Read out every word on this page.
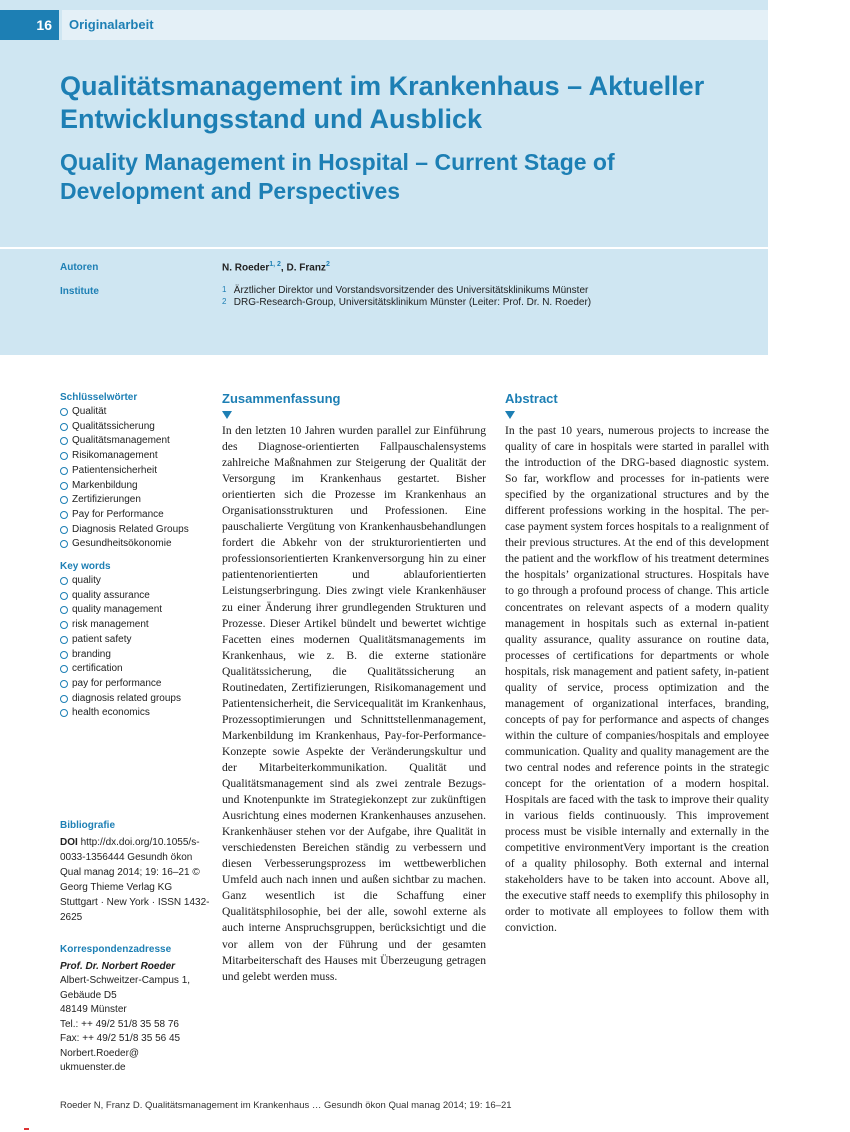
16	Originalarbeit
Qualitätsmanagement im Krankenhaus – Aktueller Entwicklungsstand und Ausblick
Quality Management in Hospital – Current Stage of Development and Perspectives
Autoren	N. Roeder$^{1, 2}$, D. Franz$^2$
Institute	1 Ärztlicher Direktor und Vorstandsvorsitzender des Universitätsklinikums Münster
2 DRG-Research-Group, Universitätsklinikum Münster (Leiter: Prof. Dr. N. Roeder)
Schlüsselwörter
Qualität
Qualitätssicherung
Qualitätsmanagement
Risikomanagement
Patientensicherheit
Markenbildung
Zertifizierungen
Pay for Performance
Diagnosis Related Groups
Gesundheitsökonomie
Key words
quality
quality assurance
quality management
risk management
patient safety
branding
certification
pay for performance
diagnosis related groups
health economics
Bibliografie
DOI http://dx.doi.org/10.1055/s-0033-1356444 Gesundh ökon Qual manag 2014; 19: 16–21 © Georg Thieme Verlag KG Stuttgart · New York · ISSN 1432-2625
Korrespondenzadresse
Prof. Dr. Norbert Roeder
Albert-Schweitzer-Campus 1,
Gebäude D5
48149 Münster
Tel.: ++ 49/2 51/8 35 58 76
Fax: ++ 49/2 51/8 35 56 45
Norbert.Roeder@
ukmuenster.de
Zusammenfassung

In den letzten 10 Jahren wurden parallel zur Einführung des Diagnose-orientierten Fallpauschalensystems zahlreiche Maßnahmen zur Steigerung der Qualität der Versorgung im Krankenhaus gestartet. Bisher orientierten sich die Prozesse im Krankenhaus an Organisationsstrukturen und Professionen. Eine pauschalierte Vergütung von Krankenhausbehandlungen fordert die Abkehr von der strukturorientierten und professionsorientierten Krankenversorgung hin zu einer patientenorientierten und ablauforientierten Leistungserbringung. Dies zwingt viele Krankenhäuser zu einer Änderung ihrer grundlegenden Strukturen und Prozesse. Dieser Artikel bündelt und bewertet wichtige Facetten eines modernen Qualitätsmanagements im Krankenhaus, wie z. B. die externe stationäre Qualitätssicherung, die Qualitätssicherung an Routinedaten, Zertifizierungen, Risikomanagement und Patientensicherheit, die Servicequalität im Krankenhaus, Prozessoptimierungen und Schnittstellenmanagement, Markenbildung im Krankenhaus, Pay-for-Performance-Konzepte sowie Aspekte der Veränderungskultur und der Mitarbeiterkommunikation. Qualität und Qualitätsmanagement sind als zwei zentrale Bezugs- und Knotenpunkte im Strategiekonzept zur zukünftigen Ausrichtung eines modernen Krankenhauses anzusehen. Krankenhäuser stehen vor der Aufgabe, ihre Qualität in verschiedensten Bereichen ständig zu verbessern und diesen Verbesserungsprozess im wettbewerblichen Umfeld auch nach innen und außen sichtbar zu machen. Ganz wesentlich ist die Schaffung einer Qualitätsphilosophie, bei der alle, sowohl externe als auch interne Anspruchsgruppen, berücksichtigt und die vor allem von der Führung und der gesamten Mitarbeiterschaft des Hauses mit Überzeugung getragen und gelebt werden muss.

Abstract

In the past 10 years, numerous projects to increase the quality of care in hospitals were started in parallel with the introduction of the DRG-based diagnostic system. So far, workflow and processes for in-patients were specified by the organizational structures and by the different professions working in the hospital. The per-case payment system forces hospitals to a realignment of their previous structures. At the end of this development the patient and the workflow of his treatment determines the hospitals’ organizational structures. Hospitals have to go through a profound process of change. This article concentrates on relevant aspects of a modern quality management in hospitals such as external in-patient quality assurance, quality assurance on routine data, processes of certifications for departments or whole hospitals, risk management and patient safety, in-patient quality of service, process optimization and the management of organizational interfaces, branding, concepts of pay for performance and aspects of changes within the culture of companies/hospitals and employee communication. Quality and quality management are the two central nodes and reference points in the strategic concept for the orientation of a modern hospital. Hospitals are faced with the task to improve their quality in various fields continuously. This improvement process must be visible internally and externally in the competitive environmentVery important is the creation of a quality philosophy. Both external and internal stakeholders have to be taken into account. Above all, the executive staff needs to exemplify this philosophy in order to motivate all employees to follow them with conviction.

Roeder N, Franz D. Qualitätsmanagement im Krankenhaus … Gesundh ökon Qual manag 2014; 19: 16–21
